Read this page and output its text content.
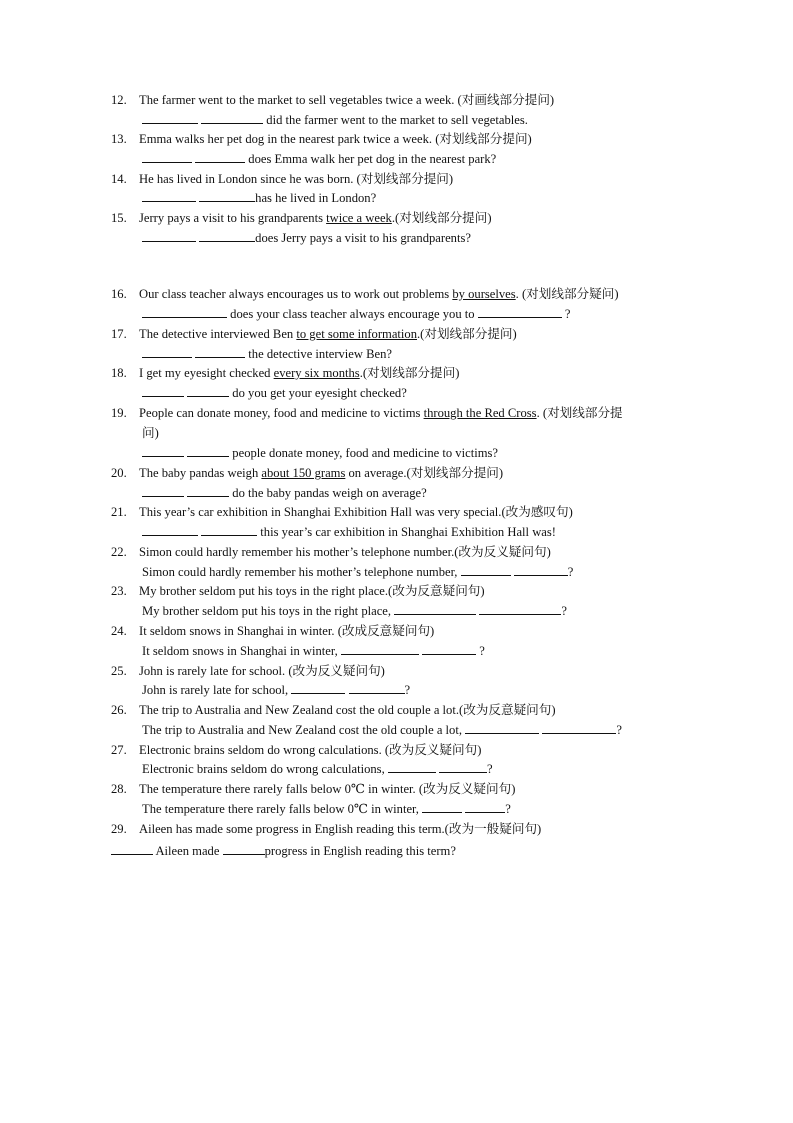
The farmer went to the market to sell vegetables twice a week. (对画线部分提问)
did the farmer went to the market to sell vegetables.
Emma walks her pet dog in the nearest park twice a week. (对划线部分提问)
does Emma walk her pet dog in the nearest park?
He has lived in London since he was born. (对划线部分提问)
has he lived in London?
Jerry pays a visit to his grandparents twice a week.(对划线部分提问)
does Jerry pays a visit to his grandparents?
Our class teacher always encourages us to work out problems by ourselves. (对划线部分疑问)
does your class teacher always encourage you to	?
The detective interviewed Ben to get some information.(对划线部分提问)
the detective interview Ben?
I get my eyesight checked every six months.(对划线部分提问)
do you get your eyesight checked?
People can donate money, food and medicine to victims through the Red Cross. (对划线部分提
问)
people donate money, food and medicine to victims?
The baby pandas weigh about 150 grams on average.(对划线部分提问)
do the baby pandas weigh on average?
This year’s car exhibition in Shanghai Exhibition Hall was very special.(改为感叹句)
this year’s car exhibition in Shanghai Exhibition Hall was!
Simon could hardly remember his mother’s telephone number.(改为反义疑问句)
Simon could hardly remember his mother’s telephone number,	?
My brother seldom put his toys in the right place.(改为反意疑问句)
My brother seldom put his toys in the right place,	?
It seldom snows in Shanghai in winter. (改成反意疑问句)
It seldom snows in Shanghai in winter,	?
John is rarely late for school. (改为反义疑问句)
John is rarely late for school,	?
The trip to Australia and New Zealand cost the old couple a lot.(改为反意疑问句)
The trip to Australia and New Zealand cost the old couple a lot,	?
Electronic brains seldom do wrong calculations. (改为反义疑问句)
Electronic brains seldom do wrong calculations,	?
The temperature there rarely falls below 0℃ in winter. (改为反义疑问句)
The temperature there rarely falls below 0℃ in winter,	?
Aileen has made some progress in English reading this term.(改为一般疑问句)
Aileen made	progress in English reading this term?
12.
13.
14.
15.
16.
17.
18.
19.
20.
21.
22.
23.
24.
25.
26.
27.
28.
29.
